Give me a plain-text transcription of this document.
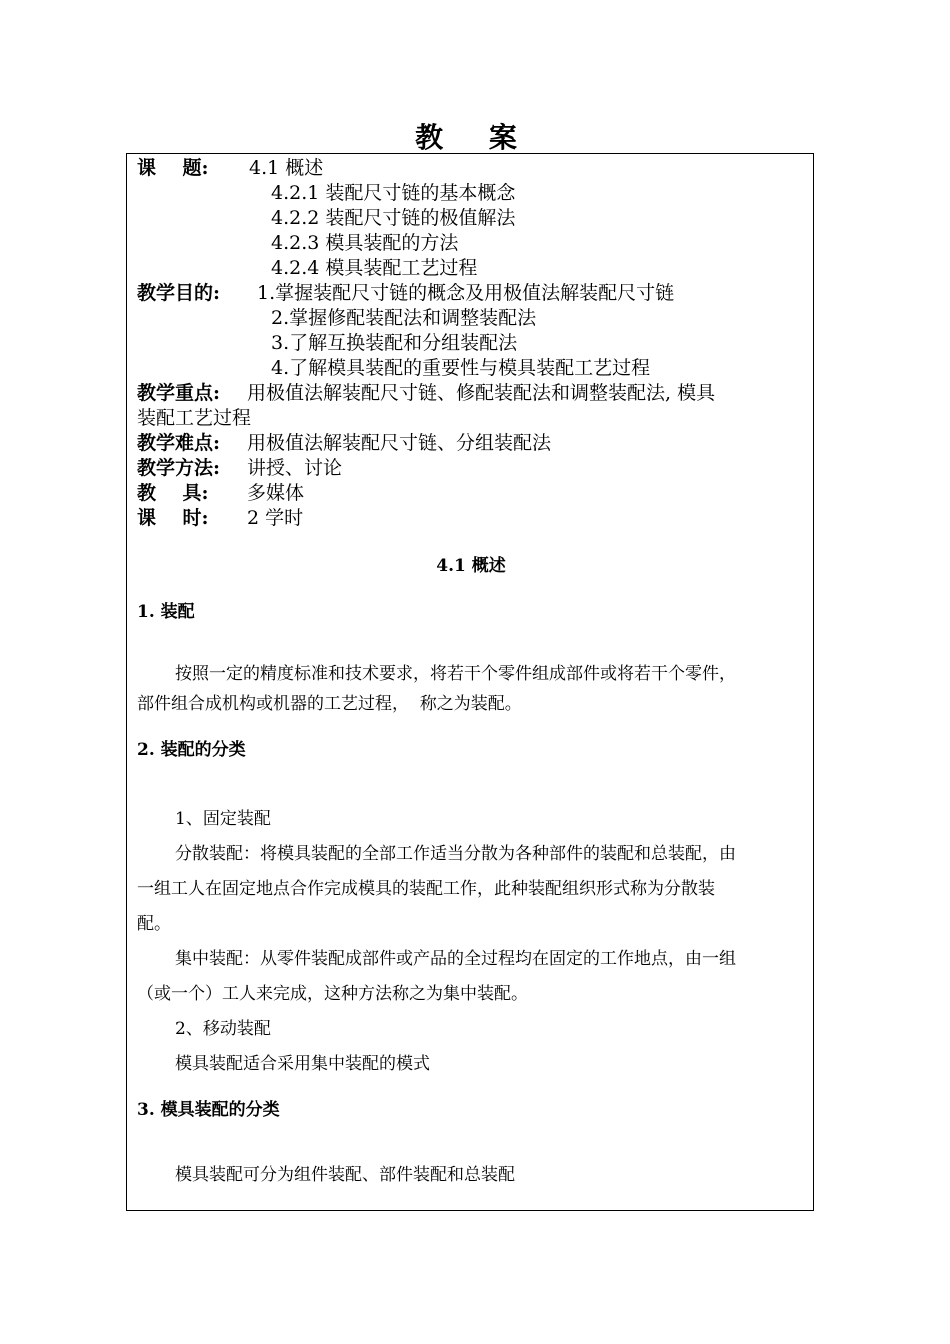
教 案
课    题: 4.1 概述
4.2.1 装配尺寸链的基本概念
4.2.2 装配尺寸链的极值解法
4.2.3 模具装配的方法
4.2.4 模具装配工艺过程
教学目的: 1.掌握装配尺寸链的概念及用极值法解装配尺寸链
2.掌握修配装配法和调整装配法
3.了解互换装配和分组装配法
4.了解模具装配的重要性与模具装配工艺过程
教学重点: 用极值法解装配尺寸链、修配装配法和调整装配法, 模具
装配工艺过程
教学难点: 用极值法解装配尺寸链、分组装配法
教学方法: 讲授、讨论
教    具: 多媒体
课    时: 2 学时
4.1 概述
1. 装配
按照一定的精度标准和技术要求，将若干个零件组成部件或将若干个零件，
部件组合成机构或机器的工艺过程，  称之为装配。
2. 装配的分类
1、固定装配
分散装配：将模具装配的全部工作适当分散为各种部件的装配和总装配，由
一组工人在固定地点合作完成模具的装配工作，此种装配组织形式称为分散装
配。
集中装配：从零件装配成部件或产品的全过程均在固定的工作地点，由一组
（或一个）工人来完成，这种方法称之为集中装配。
2、移动装配
模具装配适合采用集中装配的模式
3. 模具装配的分类
模具装配可分为组件装配、部件装配和总装配
